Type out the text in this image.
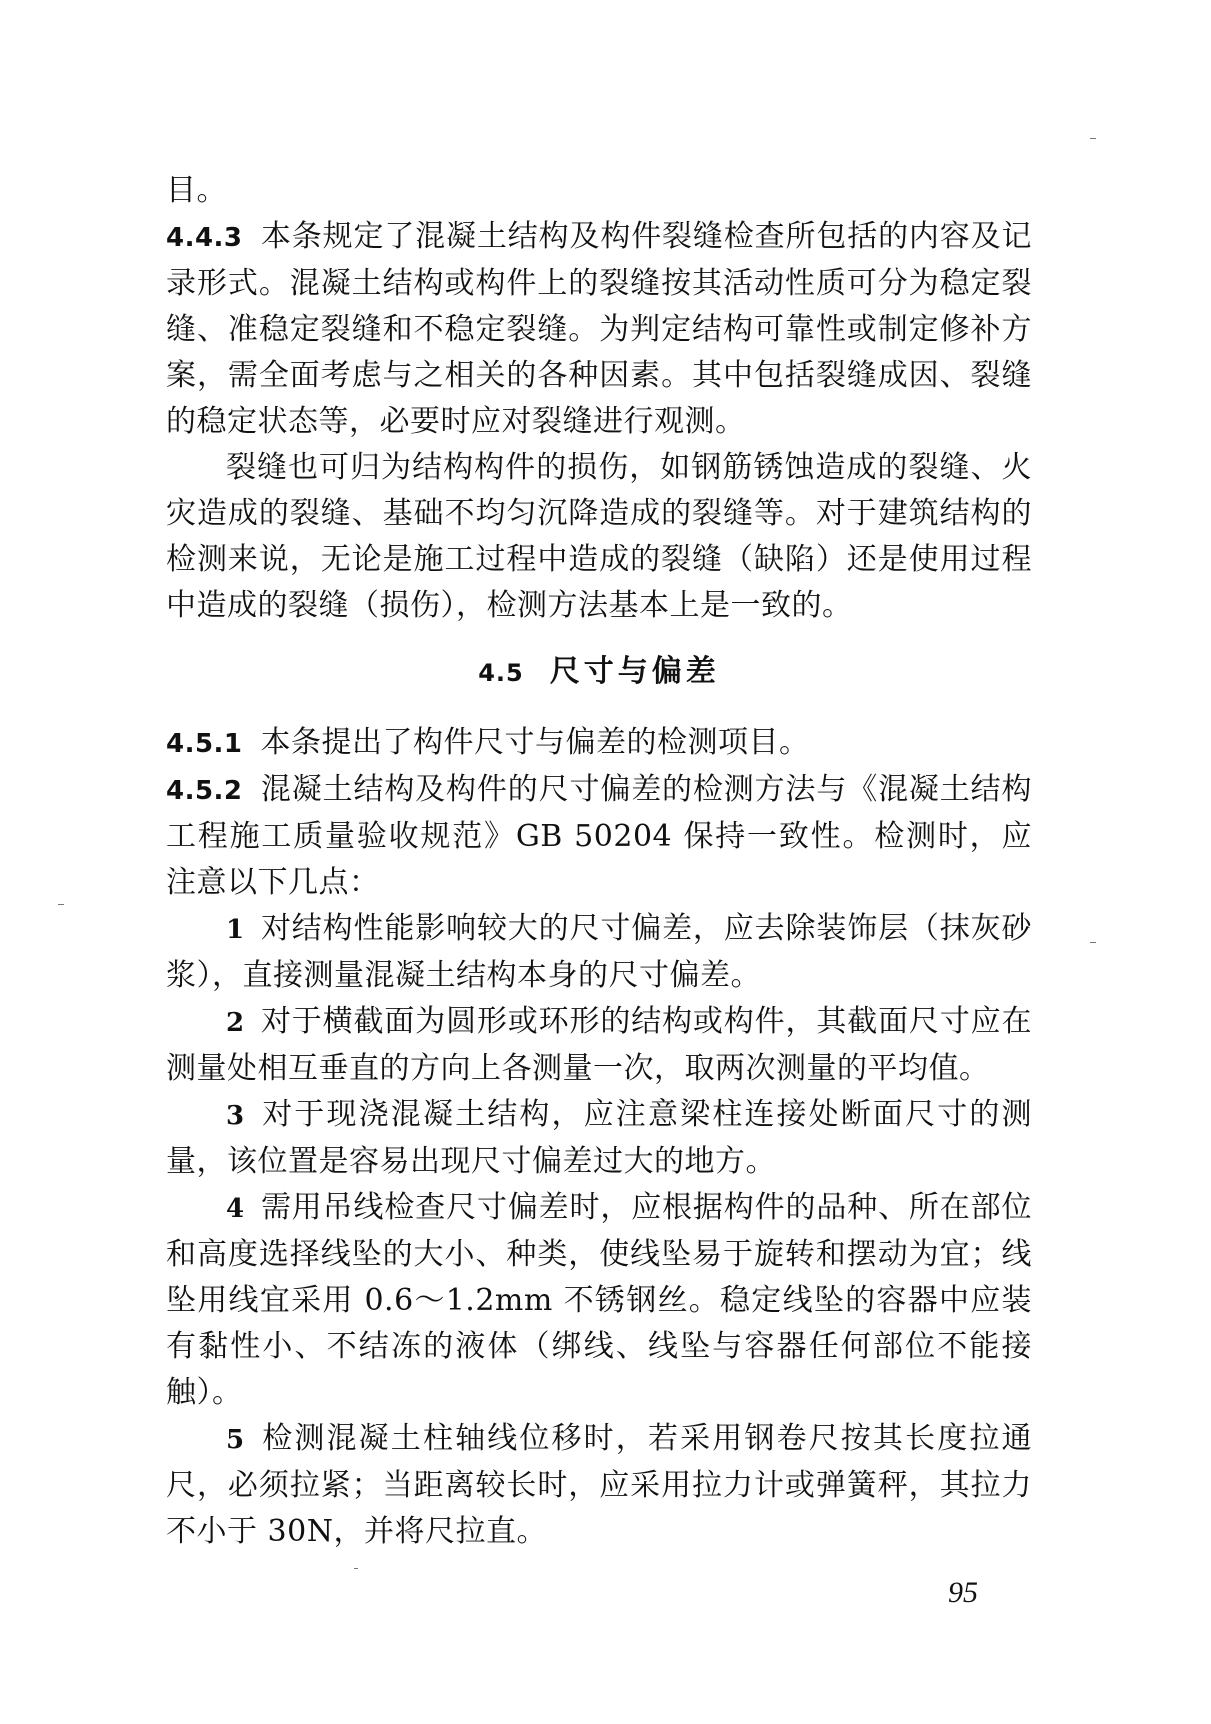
目。

4.4.3 本条规定了混凝土结构及构件裂缝检查所包括的内容及记录形式。混凝土结构或构件上的裂缝按其活动性质可分为稳定裂缝、准稳定裂缝和不稳定裂缝。为判定结构可靠性或制定修补方案，需全面考虑与之相关的各种因素。其中包括裂缝成因、裂缝的稳定状态等，必要时应对裂缝进行观测。

裂缝也可归为结构构件的损伤，如钢筋锈蚀造成的裂缝、火灾造成的裂缝、基础不均匀沉降造成的裂缝等。对于建筑结构的检测来说，无论是施工过程中造成的裂缝（缺陷）还是使用过程中造成的裂缝（损伤），检测方法基本上是一致的。

4.5 尺寸与偏差

4.5.1 本条提出了构件尺寸与偏差的检测项目。

4.5.2 混凝土结构及构件的尺寸偏差的检测方法与《混凝土结构工程施工质量验收规范》GB 50204 保持一致性。检测时，应注意以下几点：

1 对结构性能影响较大的尺寸偏差，应去除装饰层（抹灰砂浆），直接测量混凝土结构本身的尺寸偏差。

2 对于横截面为圆形或环形的结构或构件，其截面尺寸应在测量处相互垂直的方向上各测量一次，取两次测量的平均值。

3 对于现浇混凝土结构，应注意梁柱连接处断面尺寸的测量，该位置是容易出现尺寸偏差过大的地方。

4 需用吊线检查尺寸偏差时，应根据构件的品种、所在部位和高度选择线坠的大小、种类，使线坠易于旋转和摆动为宜；线坠用线宜采用 0.6～1.2mm 不锈钢丝。稳定线坠的容器中应装有黏性小、不结冻的液体（绑线、线坠与容器任何部位不能接触）。

5 检测混凝土柱轴线位移时，若采用钢卷尺按其长度拉通尺，必须拉紧；当距离较长时，应采用拉力计或弹簧秤，其拉力不小于 30N，并将尺拉直。

95
